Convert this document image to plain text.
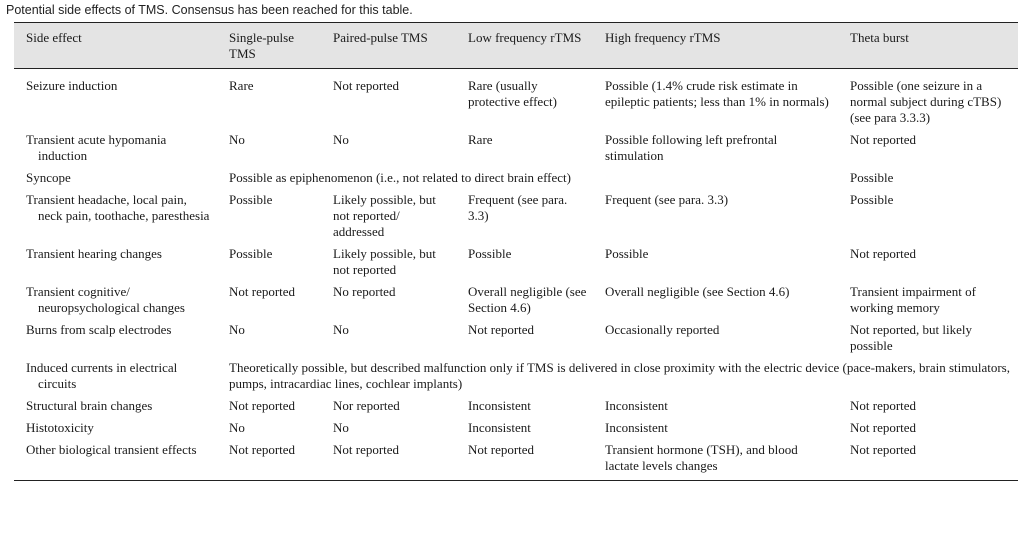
Potential side effects of TMS. Consensus has been reached for this table.
Side effect	Single-pulse TMS	Paired-pulse TMS	Low frequency rTMS	High frequency rTMS	Theta burst
Seizure induction	Rare	Not reported	Rare (usually protective effect)	Possible (1.4% crude risk estimate in epileptic patients; less than 1% in normals)	Possible (one seizure in a normal subject during cTBS) (see para 3.3.3)
Transient acute hypomania induction	No	No	Rare	Possible following left prefrontal stimulation	Not reported
Syncope	Possible as epiphenomenon (i.e., not related to direct brain effect)				Possible
Transient headache, local pain, neck pain, toothache, paresthesia	Possible	Likely possible, but not reported/ addressed	Frequent (see para. 3.3)	Frequent (see para. 3.3)	Possible
Transient hearing changes	Possible	Likely possible, but not reported	Possible	Possible	Not reported
Transient cognitive/ neuropsychological changes	Not reported	No reported	Overall negligible (see Section 4.6)	Overall negligible (see Section 4.6)	Transient impairment of working memory
Burns from scalp electrodes	No	No	Not reported	Occasionally reported	Not reported, but likely possible
Induced currents in electrical circuits	Theoretically possible, but described malfunction only if TMS is delivered in close proximity with the electric device (pace-makers, brain stimulators, pumps, intracardiac lines, cochlear implants)				
Structural brain changes	Not reported	Nor reported	Inconsistent	Inconsistent	Not reported
Histotoxicity	No	No	Inconsistent	Inconsistent	Not reported
Other biological transient effects	Not reported	Not reported	Not reported	Transient hormone (TSH), and blood lactate levels changes	Not reported
